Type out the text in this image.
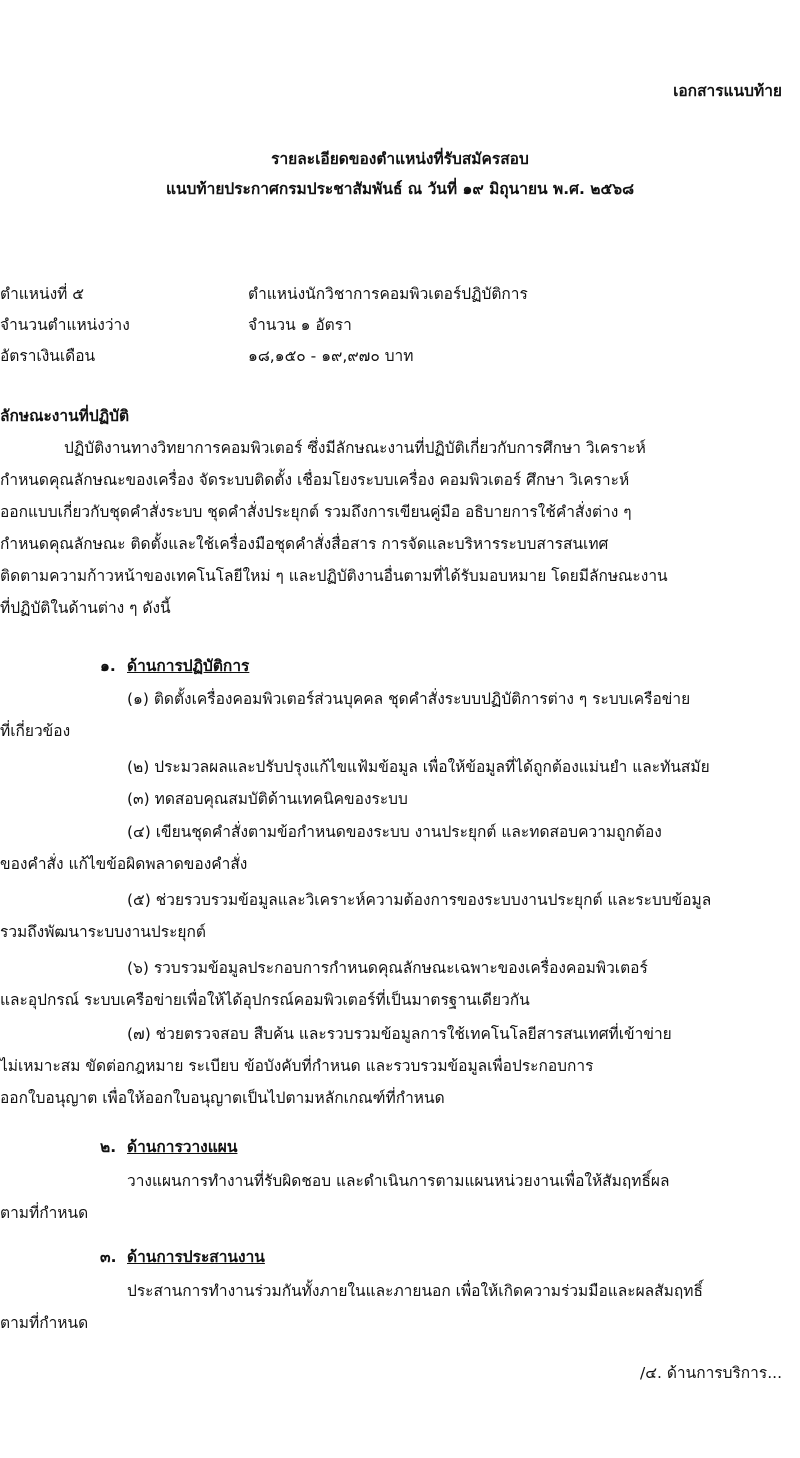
เอกสารแนบท้าย
รายละเอียดของตำแหน่งที่รับสมัครสอบ
แนบท้ายประกาศกรมประชาสัมพันธ์ ณ วันที่ ๑๙ มิถุนายน พ.ศ. ๒๕๖๘
ตำแหน่งที่ ๕	ตำแหน่งนักวิชาการคอมพิวเตอร์ปฏิบัติการ
จำนวนตำแหน่งว่าง	จำนวน ๑ อัตรา
อัตราเงินเดือน	๑๘,๑๕๐ - ๑๙,๙๗๐ บาท
ลักษณะงานที่ปฏิบัติ
ปฏิบัติงานทางวิทยาการคอมพิวเตอร์ ซึ่งมีลักษณะงานที่ปฏิบัติเกี่ยวกับการศึกษา วิเคราะห์
กำหนดคุณลักษณะของเครื่อง จัดระบบติดตั้ง เชื่อมโยงระบบเครื่อง คอมพิวเตอร์ ศึกษา วิเคราะห์
ออกแบบเกี่ยวกับชุดคำสั่งระบบ ชุดคำสั่งประยุกต์ รวมถึงการเขียนคู่มือ อธิบายการใช้คำสั่งต่าง ๆ
กำหนดคุณลักษณะ ติดตั้งและใช้เครื่องมือชุดคำสั่งสื่อสาร การจัดและบริหารระบบสารสนเทศ
ติดตามความก้าวหน้าของเทคโนโลยีใหม่ ๆ และปฏิบัติงานอื่นตามที่ได้รับมอบหมาย โดยมีลักษณะงาน
ที่ปฏิบัติในด้านต่าง ๆ ดังนี้
๑. ด้านการปฏิบัติการ
(๑) ติดตั้งเครื่องคอมพิวเตอร์ส่วนบุคคล ชุดคำสั่งระบบปฏิบัติการต่าง ๆ ระบบเครือข่าย
ที่เกี่ยวข้อง
(๒) ประมวลผลและปรับปรุงแก้ไขแฟ้มข้อมูล เพื่อให้ข้อมูลที่ได้ถูกต้องแม่นยำ และทันสมัย
(๓) ทดสอบคุณสมบัติด้านเทคนิคของระบบ
(๔) เขียนชุดคำสั่งตามข้อกำหนดของระบบ งานประยุกต์ และทดสอบความถูกต้อง
ของคำสั่ง แก้ไขข้อผิดพลาดของคำสั่ง
(๕) ช่วยรวบรวมข้อมูลและวิเคราะห์ความต้องการของระบบงานประยุกต์ และระบบข้อมูล
รวมถึงพัฒนาระบบงานประยุกต์
(๖) รวบรวมข้อมูลประกอบการกำหนดคุณลักษณะเฉพาะของเครื่องคอมพิวเตอร์
และอุปกรณ์ ระบบเครือข่ายเพื่อให้ได้อุปกรณ์คอมพิวเตอร์ที่เป็นมาตรฐานเดียวกัน
(๗) ช่วยตรวจสอบ สืบค้น และรวบรวมข้อมูลการใช้เทคโนโลยีสารสนเทศที่เข้าข่าย
ไม่เหมาะสม ขัดต่อกฎหมาย ระเบียบ ข้อบังคับที่กำหนด และรวบรวมข้อมูลเพื่อประกอบการ
ออกใบอนุญาต เพื่อให้ออกใบอนุญาตเป็นไปตามหลักเกณฑ์ที่กำหนด
๒. ด้านการวางแผน
วางแผนการทำงานที่รับผิดชอบ และดำเนินการตามแผนหน่วยงานเพื่อให้สัมฤทธิ์ผล
ตามที่กำหนด
๓. ด้านการประสานงาน
ประสานการทำงานร่วมกันทั้งภายในและภายนอก เพื่อให้เกิดความร่วมมือและผลสัมฤทธิ์
ตามที่กำหนด
/๔. ด้านการบริการ...
